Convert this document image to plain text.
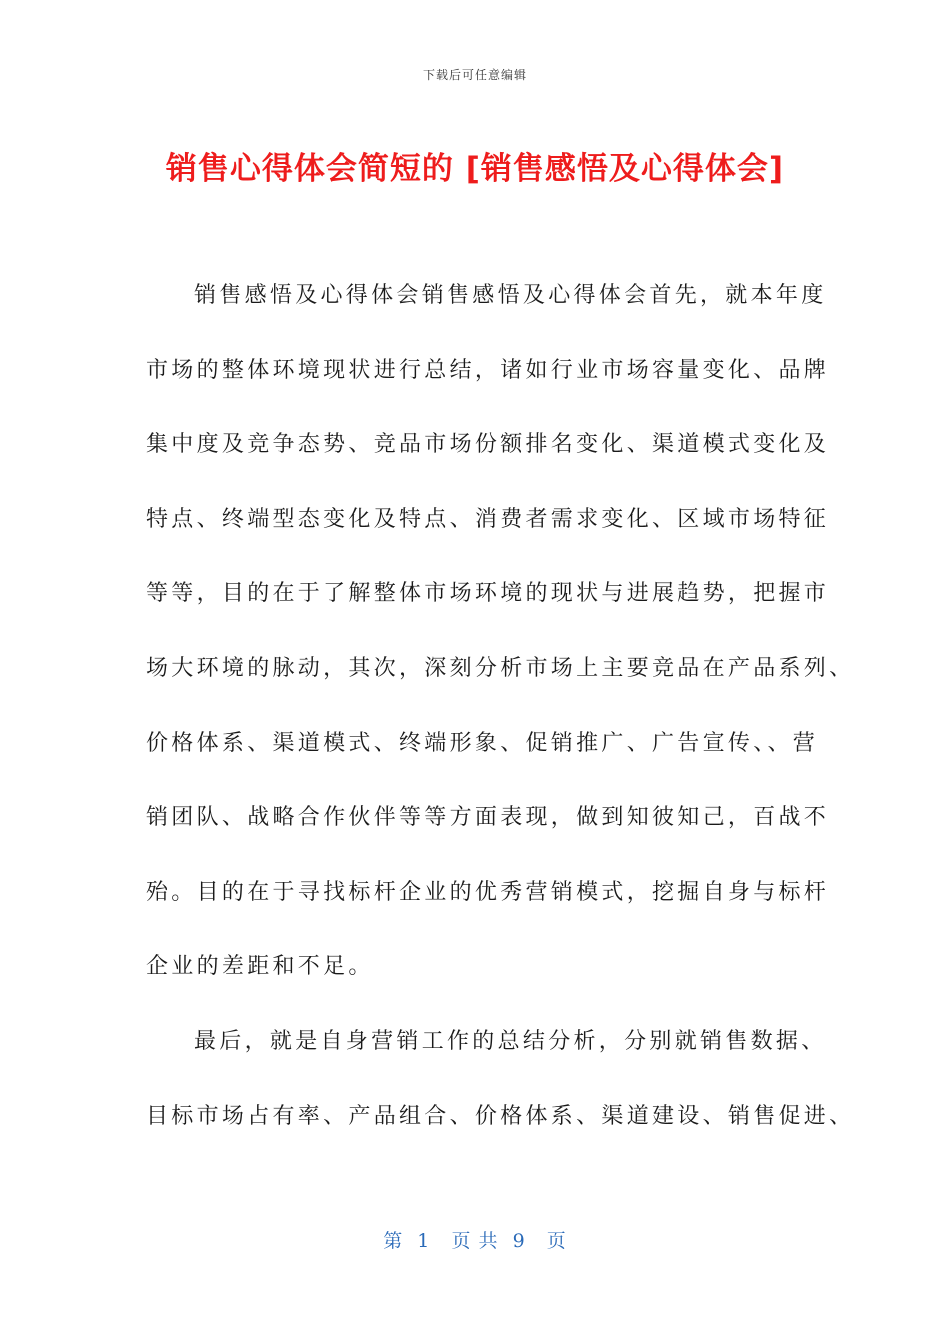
下载后可任意编辑
销售心得体会简短的 [销售感悟及心得体会]
销售感悟及心得体会销售感悟及心得体会首先，就本年度
市场的整体环境现状进行总结，诸如行业市场容量变化、品牌
集中度及竞争态势、竞品市场份额排名变化、渠道模式变化及
特点、终端型态变化及特点、消费者需求变化、区域市场特征
等等，目的在于了解整体市场环境的现状与进展趋势，把握市
场大环境的脉动，其次，深刻分析市场上主要竞品在产品系列、
价格体系、渠道模式、终端形象、促销推广、广告宣传、、营
销团队、战略合作伙伴等等方面表现，做到知彼知己，百战不
殆。目的在于寻找标杆企业的优秀营销模式，挖掘自身与标杆
企业的差距和不足。
最后，就是自身营销工作的总结分析，分别就销售数据、
目标市场占有率、产品组合、价格体系、渠道建设、销售促进、
第  1   页 共  9   页
